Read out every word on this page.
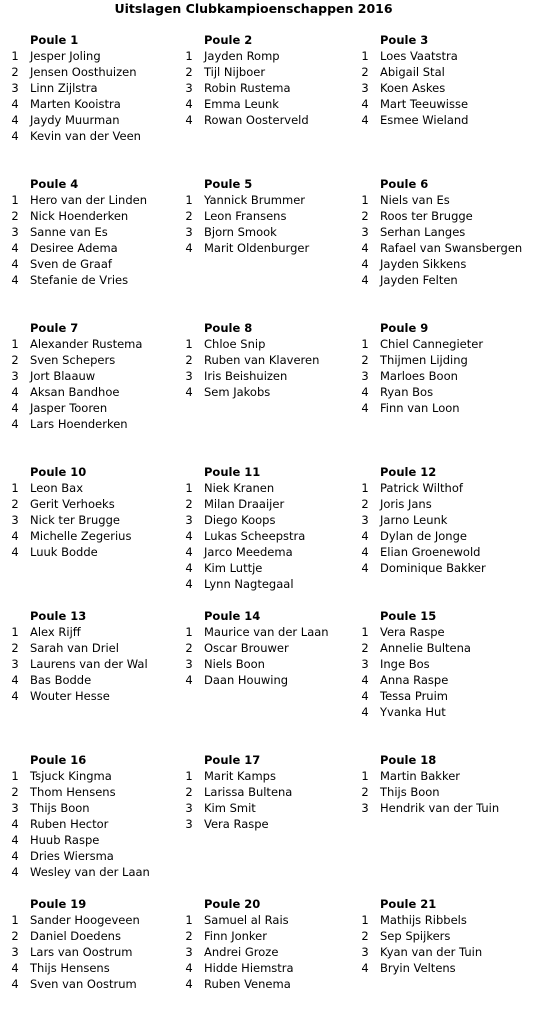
Uitslagen Clubkampioenschappen 2016
Poule 1
1 Jesper Joling
2 Jensen Oosthuizen
3 Linn Zijlstra
4 Marten Kooistra
4 Jaydy Muurman
4 Kevin van der Veen
Poule 2
1 Jayden Romp
2 Tijl Nijboer
3 Robin Rustema
4 Emma Leunk
4 Rowan Oosterveld
Poule 3
1 Loes Vaatstra
2 Abigail Stal
3 Koen Askes
4 Mart Teeuwisse
4 Esmee Wieland
Poule 4
1 Hero van der Linden
2 Nick Hoenderken
3 Sanne van Es
4 Desiree Adema
4 Sven de Graaf
4 Stefanie de Vries
Poule 5
1 Yannick Brummer
2 Leon Fransens
3 Bjorn Smook
4 Marit Oldenburger
Poule 6
1 Niels van Es
2 Roos ter Brugge
3 Serhan Langes
4 Rafael van Swansbergen
4 Jayden Sikkens
4 Jayden Felten
Poule 7
1 Alexander Rustema
2 Sven Schepers
3 Jort Blaauw
4 Aksan Bandhoe
4 Jasper Tooren
4 Lars Hoenderken
Poule 8
1 Chloe Snip
2 Ruben van Klaveren
3 Iris Beishuizen
4 Sem Jakobs
Poule 9
1 Chiel Cannegieter
2 Thijmen Lijding
3 Marloes Boon
4 Ryan Bos
4 Finn van Loon
Poule 10
1 Leon Bax
2 Gerit Verhoeks
3 Nick ter Brugge
4 Michelle Zegerius
4 Luuk Bodde
Poule 11
1 Niek Kranen
2 Milan Draaijer
3 Diego Koops
4 Lukas Scheepstra
4 Jarco Meedema
4 Kim Luttje
4 Lynn Nagtegaal
Poule 12
1 Patrick Wilthof
2 Joris Jans
3 Jarno Leunk
4 Dylan de Jonge
4 Elian Groenewold
4 Dominique Bakker
Poule 13
1 Alex Rijff
2 Sarah van Driel
3 Laurens van der Wal
4 Bas Bodde
4 Wouter Hesse
Poule 14
1 Maurice van der Laan
2 Oscar Brouwer
3 Niels Boon
4 Daan Houwing
Poule 15
1 Vera Raspe
2 Annelie Bultena
3 Inge Bos
4 Anna Raspe
4 Tessa Pruim
4 Yvanka Hut
Poule 16
1 Tsjuck Kingma
2 Thom Hensens
3 Thijs Boon
4 Ruben Hector
4 Huub Raspe
4 Dries Wiersma
4 Wesley van der Laan
Poule 17
1 Marit Kamps
2 Larissa Bultena
3 Kim Smit
3 Vera Raspe
Poule 18
1 Martin Bakker
2 Thijs Boon
3 Hendrik van der Tuin
Poule 19
1 Sander Hoogeveen
2 Daniel Doedens
3 Lars van Oostrum
4 Thijs Hensens
4 Sven van Oostrum
Poule 20
1 Samuel al Rais
2 Finn Jonker
3 Andrei Groze
4 Hidde Hiemstra
4 Ruben Venema
Poule 21
1 Mathijs Ribbels
2 Sep Spijkers
3 Kyan van der Tuin
4 Bryin Veltens
